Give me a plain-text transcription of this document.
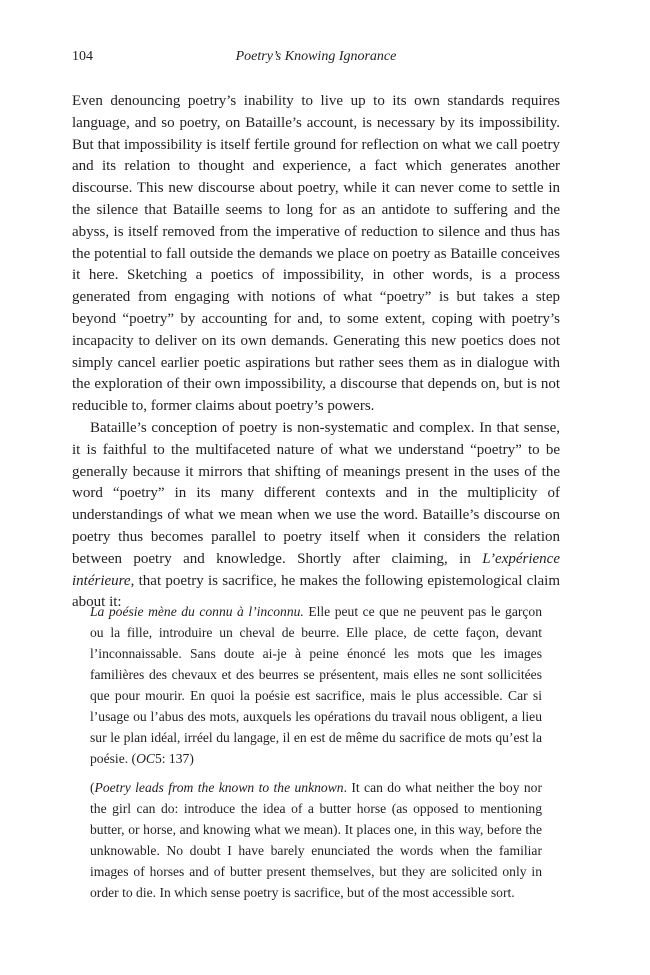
104	Poetry’s Knowing Ignorance

Even denouncing poetry’s inability to live up to its own standards requires language, and so poetry, on Bataille’s account, is necessary by its impossibility. But that impossibility is itself fertile ground for reflection on what we call poetry and its relation to thought and experience, a fact which generates another discourse. This new discourse about poetry, while it can never come to settle in the silence that Bataille seems to long for as an antidote to suffering and the abyss, is itself removed from the imperative of reduction to silence and thus has the potential to fall outside the demands we place on poetry as Bataille conceives it here. Sketching a poetics of impossibility, in other words, is a process generated from engaging with notions of what “poetry” is but takes a step beyond “poetry” by accounting for and, to some extent, coping with poetry’s incapacity to deliver on its own demands. Generating this new poetics does not simply cancel earlier poetic aspirations but rather sees them as in dialogue with the exploration of their own impossibility, a discourse that depends on, but is not reducible to, former claims about poetry’s powers.

Bataille’s conception of poetry is non-systematic and complex. In that sense, it is faithful to the multifaceted nature of what we understand “poetry” to be generally because it mirrors that shifting of meanings present in the uses of the word “poetry” in its many different contexts and in the multiplicity of understandings of what we mean when we use the word. Bataille’s discourse on poetry thus becomes parallel to poetry itself when it considers the relation between poetry and knowledge. Shortly after claiming, in L’expérience intérieure, that poetry is sacrifice, he makes the following epistemological claim about it:

La poésie mène du connu à l’inconnu. Elle peut ce que ne peuvent pas le garçon ou la fille, introduire un cheval de beurre. Elle place, de cette façon, devant l’inconnaissable. Sans doute ai-je à peine énoncé les mots que les images familières des chevaux et des beurres se présentent, mais elles ne sont sollicitées que pour mourir. En quoi la poésie est sacrifice, mais le plus accessible. Car si l’usage ou l’abus des mots, auxquels les opérations du travail nous obligent, a lieu sur le plan idéal, irréel du langage, il en est de même du sacrifice de mots qu’est la poésie. (OC5: 137)

(Poetry leads from the known to the unknown. It can do what neither the boy nor the girl can do: introduce the idea of a butter horse (as opposed to mentioning butter, or horse, and knowing what we mean). It places one, in this way, before the unknowable. No doubt I have barely enunciated the words when the familiar images of horses and of butter present themselves, but they are solicited only in order to die. In which sense poetry is sacrifice, but of the most accessible sort.
